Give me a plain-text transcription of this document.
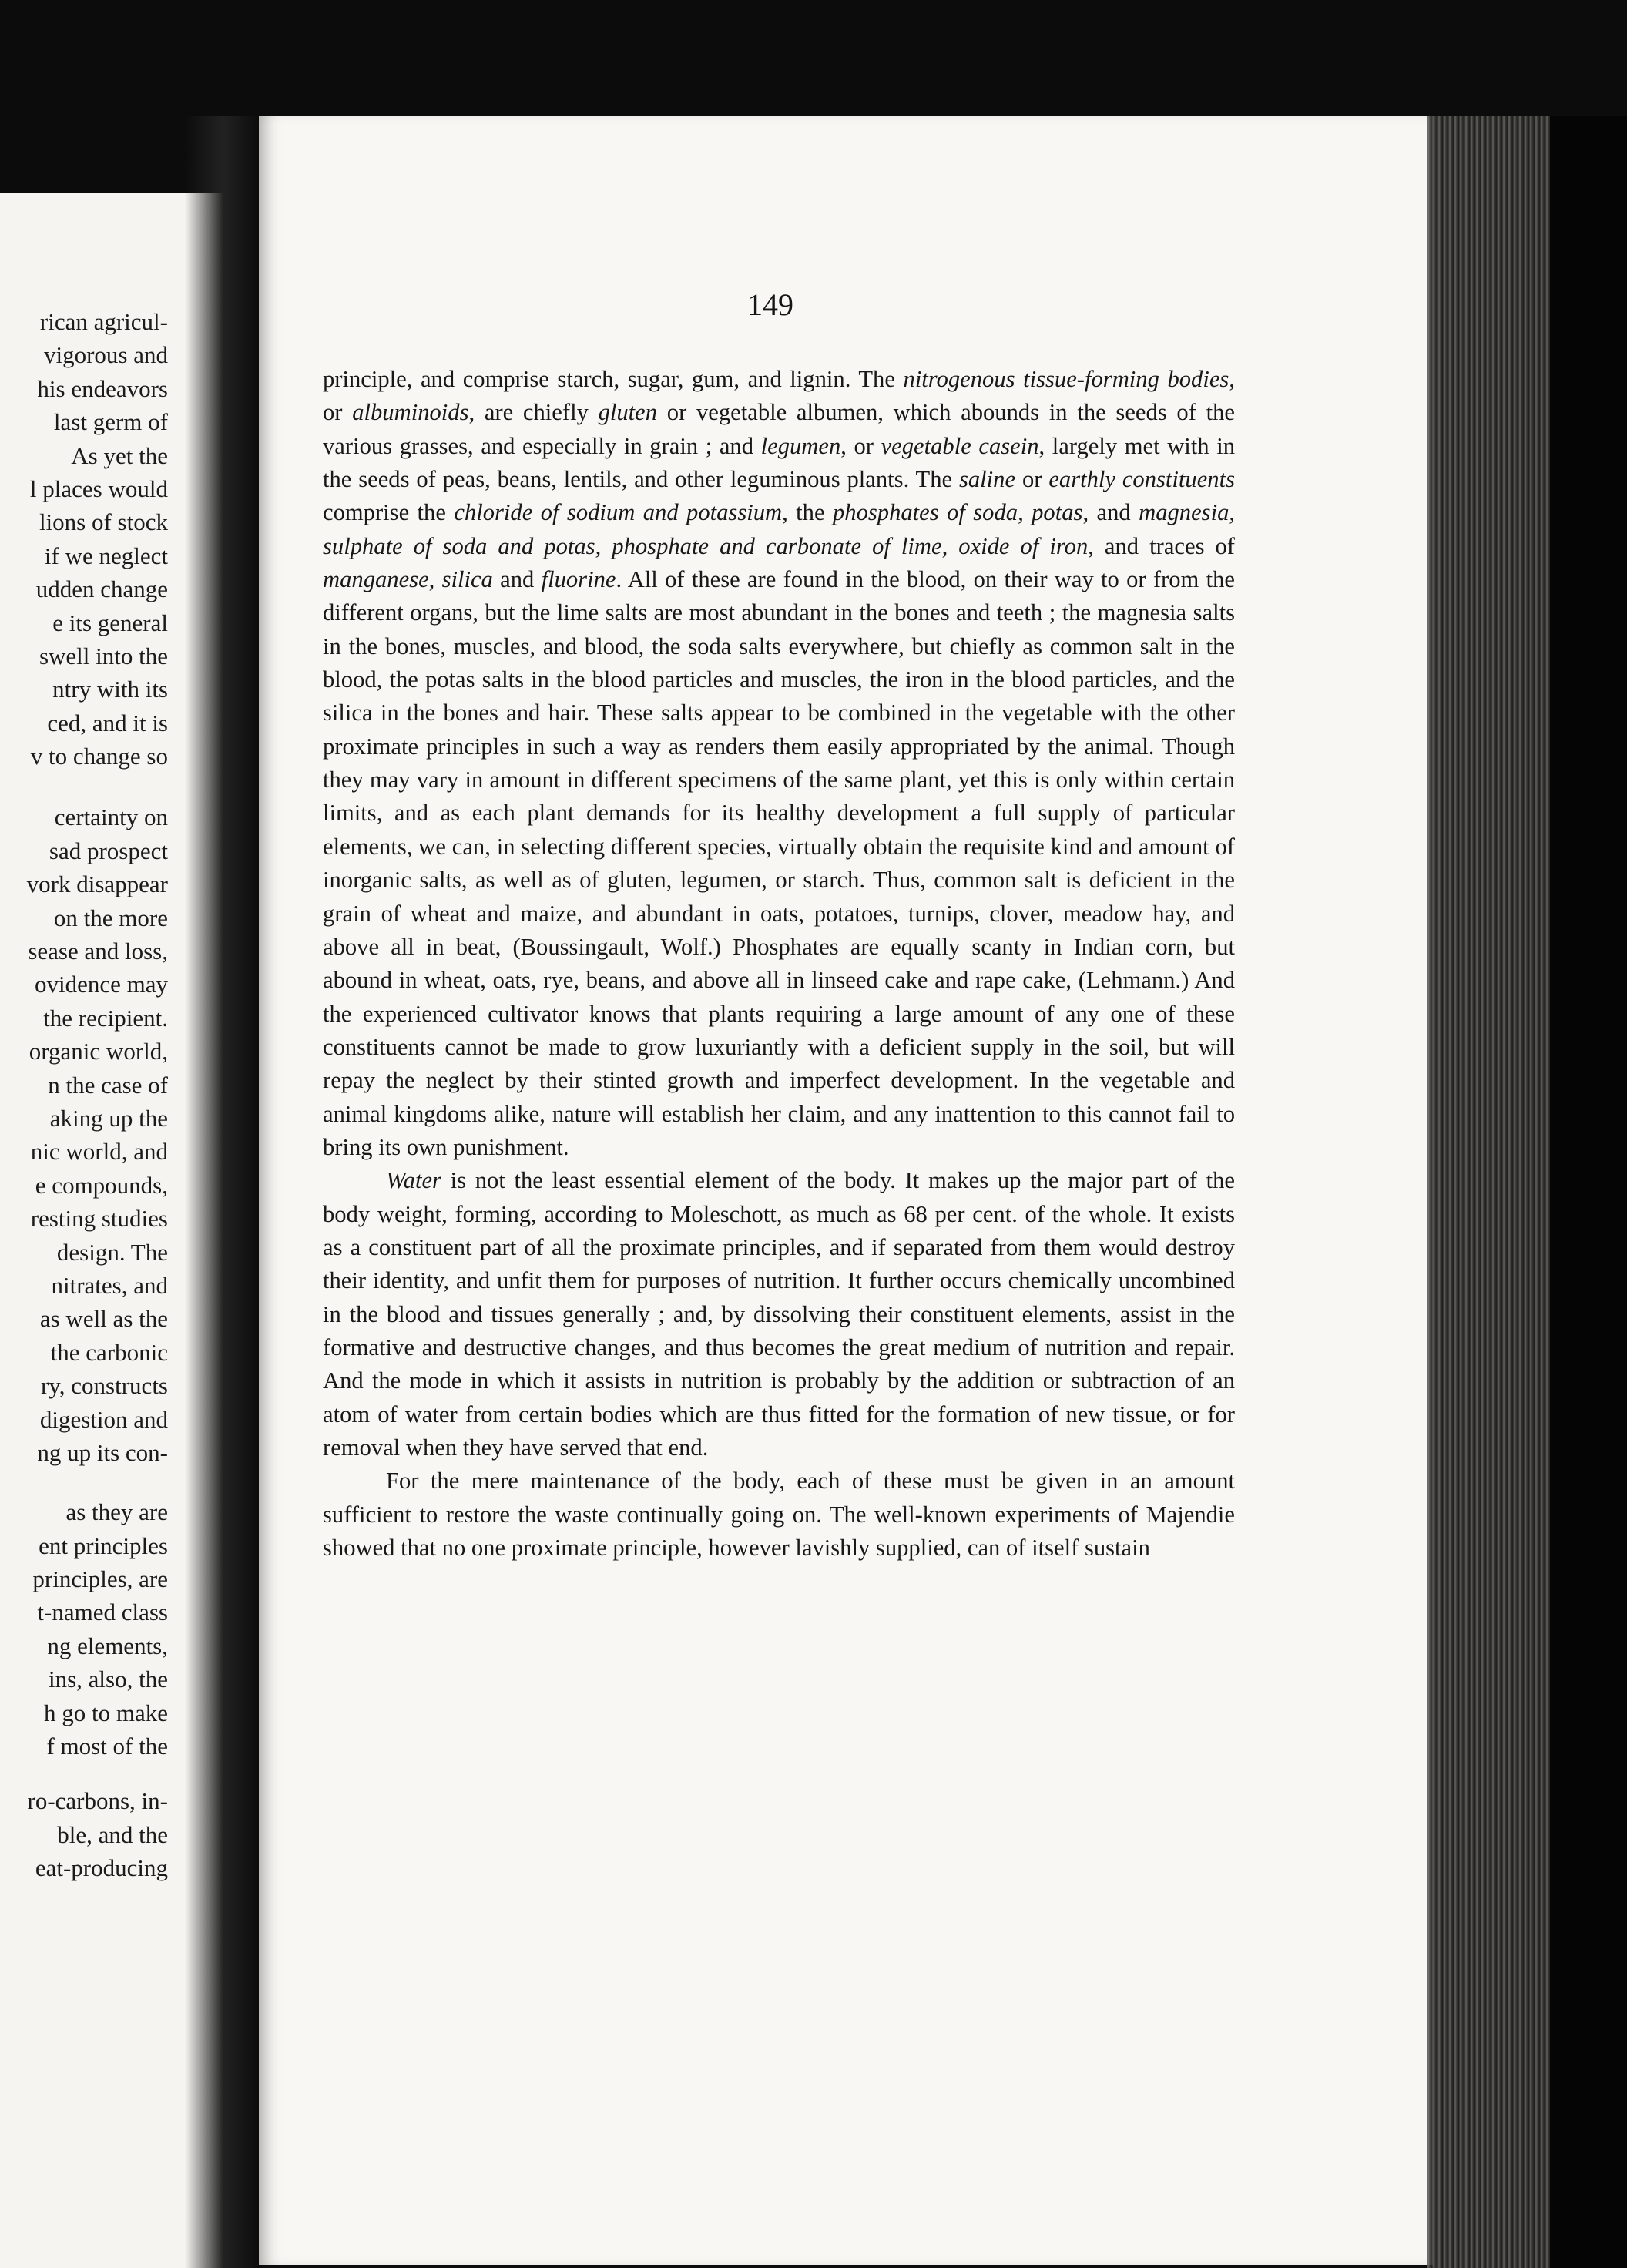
rican agricul-
vigorous and
his endeavors
last germ of
As yet the
l places would
lions of stock
if we neglect
udden change
e its general
swell into the
ntry with its
ced, and it is
v to change so
certainty on
sad prospect
vork disappear
on the more
sease and loss,
ovidence may
the recipient.
organic world,
n the case of
aking up the
nic world, and
e compounds,
resting studies
design. The
nitrates, and
as well as the
the carbonic
ry, constructs
digestion and
ng up its con-
as they are
ent principles
principles, are
t-named class
ng elements,
ins, also, the
h go to make
f most of the
ro-carbons, in-
ble, and the
eat-producing
149

principle, and comprise starch, sugar, gum, and lignin. The nitrogenous tissue-forming bodies, or albuminoids, are chiefly gluten or vegetable albumen, which abounds in the seeds of the various grasses, and especially in grain ; and legumen, or vegetable casein, largely met with in the seeds of peas, beans, lentils, and other leguminous plants. The saline or earthly constituents comprise the chloride of sodium and potassium, the phosphates of soda, potas, and magnesia, sulphate of soda and potas, phosphate and carbonate of lime, oxide of iron, and traces of manganese, silica and fluorine. All of these are found in the blood, on their way to or from the different organs, but the lime salts are most abundant in the bones and teeth ; the magnesia salts in the bones, muscles, and blood, the soda salts everywhere, but chiefly as common salt in the blood, the potas salts in the blood particles and muscles, the iron in the blood particles, and the silica in the bones and hair. These salts appear to be combined in the vegetable with the other proximate principles in such a way as renders them easily appropriated by the animal. Though they may vary in amount in different specimens of the same plant, yet this is only within certain limits, and as each plant demands for its healthy development a full supply of particular elements, we can, in selecting different species, virtually obtain the requisite kind and amount of inorganic salts, as well as of gluten, legumen, or starch. Thus, common salt is deficient in the grain of wheat and maize, and abundant in oats, potatoes, turnips, clover, meadow hay, and above all in beat, (Boussingault, Wolf.) Phosphates are equally scanty in Indian corn, but abound in wheat, oats, rye, beans, and above all in linseed cake and rape cake, (Lehmann.) And the experienced cultivator knows that plants requiring a large amount of any one of these constituents cannot be made to grow luxuriantly with a deficient supply in the soil, but will repay the neglect by their stinted growth and imperfect development. In the vegetable and animal kingdoms alike, nature will establish her claim, and any inattention to this cannot fail to bring its own punishment.

Water is not the least essential element of the body. It makes up the major part of the body weight, forming, according to Moleschott, as much as 68 per cent. of the whole. It exists as a constituent part of all the proximate principles, and if separated from them would destroy their identity, and unfit them for purposes of nutrition. It further occurs chemically uncombined in the blood and tissues generally ; and, by dissolving their constituent elements, assist in the formative and destructive changes, and thus becomes the great medium of nutrition and repair. And the mode in which it assists in nutrition is probably by the addition or subtraction of an atom of water from certain bodies which are thus fitted for the formation of new tissue, or for removal when they have served that end.

For the mere maintenance of the body, each of these must be given in an amount sufficient to restore the waste continually going on. The well-known experiments of Majendie showed that no one proximate principle, however lavishly supplied, can of itself sustain
